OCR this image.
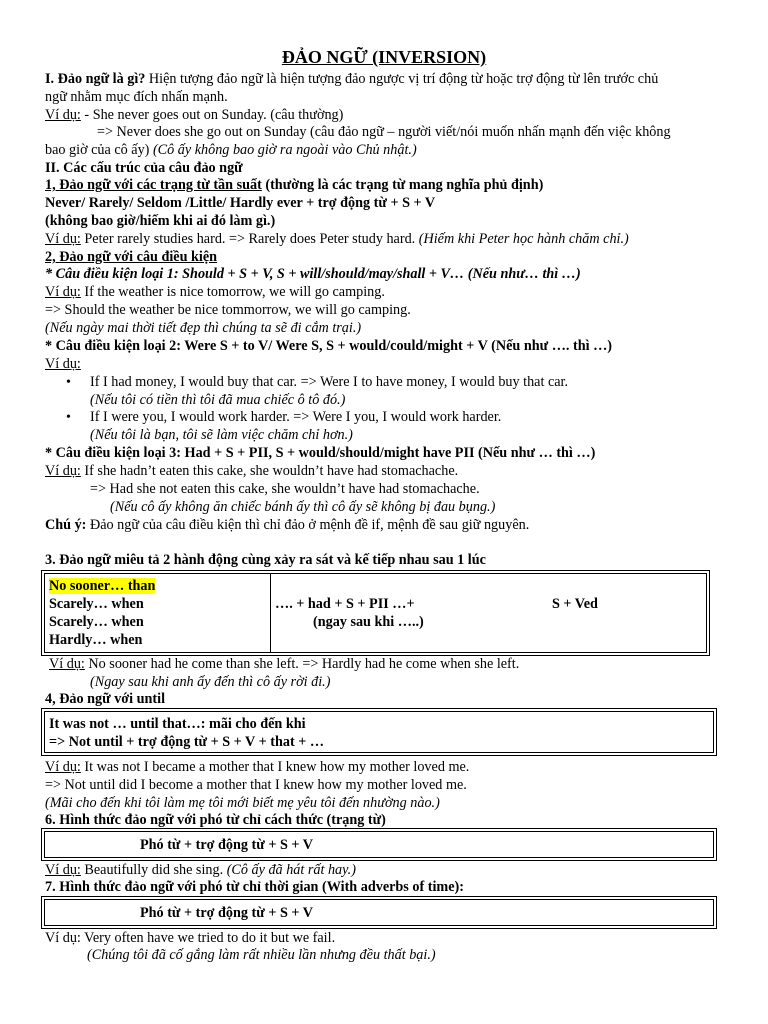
ĐẢO NGỮ (INVERSION)
I. Đảo ngữ là gì? Hiện tượng đảo ngữ là hiện tượng đảo ngược vị trí động từ hoặc trợ động từ lên trước chủ
ngữ nhằm mục đích nhấn mạnh.
Ví dụ: - She never goes out on Sunday. (câu thường)
=> Never does she go out on Sunday (câu đảo ngữ – người viết/nói muốn nhấn mạnh đến việc không
bao giờ của cô ấy) (Cô ấy không bao giờ ra ngoài vào Chủ nhật.)
II. Các cấu trúc của câu đảo ngữ
1, Đảo ngữ với các trạng từ tần suất (thường là các trạng từ mang nghĩa phủ định)
Never/ Rarely/ Seldom /Little/ Hardly ever + trợ động từ + S + V
(không bao giờ/hiếm khi ai đó làm gì.)
Ví dụ: Peter rarely studies hard. => Rarely does Peter study hard. (Hiếm khi Peter học hành chăm chỉ.)
2, Đảo ngữ với câu điều kiện
* Câu điều kiện loại 1: Should + S + V, S + will/should/may/shall + V… (Nếu như… thì …)
Ví dụ: If the weather is nice tomorrow, we will go camping.
=> Should the weather be nice tommorrow, we will go camping.
(Nếu ngày mai thời tiết đẹp thì chúng ta sẽ đi cắm trại.)
* Câu điều kiện loại 2: Were S + to V/ Were S, S + would/could/might + V (Nếu như …. thì …)
Ví dụ:
• If I had money, I would buy that car. => Were I to have money, I would buy that car.
(Nếu tôi có tiền thì tôi đã mua chiếc ô tô đó.)
• If I were you, I would work harder. => Were I you, I would work harder.
(Nếu tôi là bạn, tôi sẽ làm việc chăm chỉ hơn.)
* Câu điều kiện loại 3: Had + S + PII, S + would/should/might have PII (Nếu như … thì …)
Ví dụ: If she hadn’t eaten this cake, she wouldn’t have had stomachache.
=> Had she not eaten this cake, she wouldn’t have had stomachache.
(Nếu cô ấy không ăn chiếc bánh ấy thì cô ấy sẽ không bị đau bụng.)
Chú ý: Đảo ngữ của câu điều kiện thì chỉ đảo ở mệnh đề if, mệnh đề sau giữ nguyên.
3. Đảo ngữ miêu tả 2 hành động cùng xảy ra sát và kế tiếp nhau sau 1 lúc
No sooner… than
Scarely… when
Scarely… when
Hardly… when
…. + had + S + PII …+
(ngay sau khi …..)
S + Ved
Ví dụ: No sooner had he come than she left. => Hardly had he come when she left.
(Ngay sau khi anh ấy đến thì cô ấy rời đi.)
4, Đảo ngữ với until
It was not … until that…: mãi cho đến khi
=> Not until + trợ động từ + S + V + that + …
Ví dụ: It was not I became a mother that I knew how my mother loved me.
=> Not until did I become a mother that I knew how my mother loved me.
(Mãi cho đến khi tôi làm mẹ tôi mới biết mẹ yêu tôi đến nhường nào.)
6. Hình thức đảo ngữ với phó từ chỉ cách thức (trạng từ)
Phó từ + trợ động từ + S + V
Ví dụ: Beautifully did she sing. (Cô ấy đã hát rất hay.)
7. Hình thức đảo ngữ với phó từ chỉ thời gian (With adverbs of time):
Phó từ + trợ động từ + S + V
Ví dụ: Very often have we tried to do it but we fail.
(Chúng tôi đã cố gắng làm rất nhiều lần nhưng đều thất bại.)
